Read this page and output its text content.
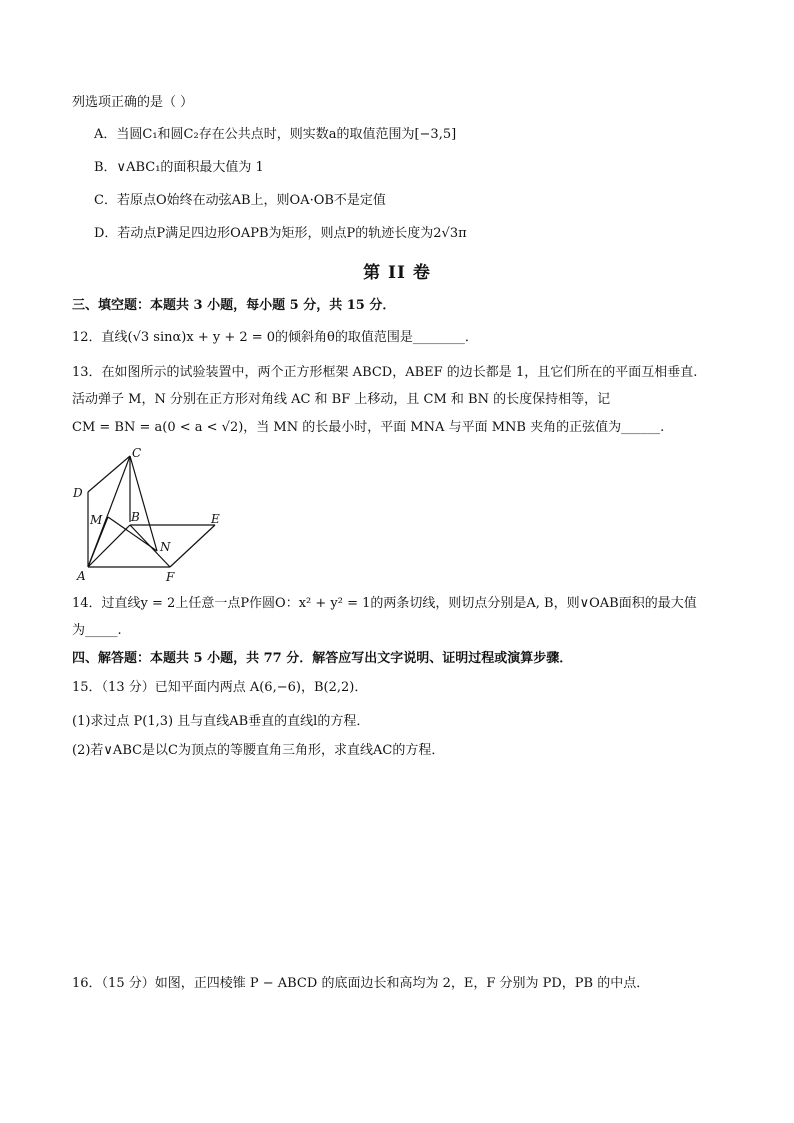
列选项正确的是（ ）
A．当圆C₁和圆C₂存在公共点时，则实数a的取值范围为[−3,5]
B．∨ABC₁的面积最大值为 1
C．若原点O始终在动弦AB上，则OA·OB不是定值
D．若动点P满足四边形OAPB为矩形，则点P的轨迹长度为2√3π
第 II 卷
三、填空题：本题共 3 小题，每小题 5 分，共 15 分．
12．直线(√3 sinα)x + y + 2 = 0的倾斜角θ的取值范围是________．
13．在如图所示的试验装置中，两个正方形框架 ABCD，ABEF 的边长都是 1，且它们所在的平面互相垂直.
活动弹子 M，N 分别在正方形对角线 AC 和 BF 上移动，且 CM 和 BN 的长度保持相等，记
CM = BN = a(0 < a < √2)，当 MN 的长最小时，平面 MNA 与平面 MNB 夹角的正弦值为______.
C
D
M B	E
N
A	F
14．过直线y = 2上任意一点P作圆O：x² + y² = 1的两条切线，则切点分别是A, B，则∨OAB面积的最大值
为_____.
四、解答题：本题共 5 小题，共 77 分．解答应写出文字说明、证明过程或演算步骤．
15．（13 分）已知平面内两点 A(6,−6)，B(2,2)．
(1)求过点 P(1,3) 且与直线AB垂直的直线l的方程．
(2)若∨ABC是以C为顶点的等腰直角三角形，求直线AC的方程．
16．（15 分）如图，正四棱锥 P − ABCD 的底面边长和高均为 2，E，F 分别为 PD，PB 的中点．
